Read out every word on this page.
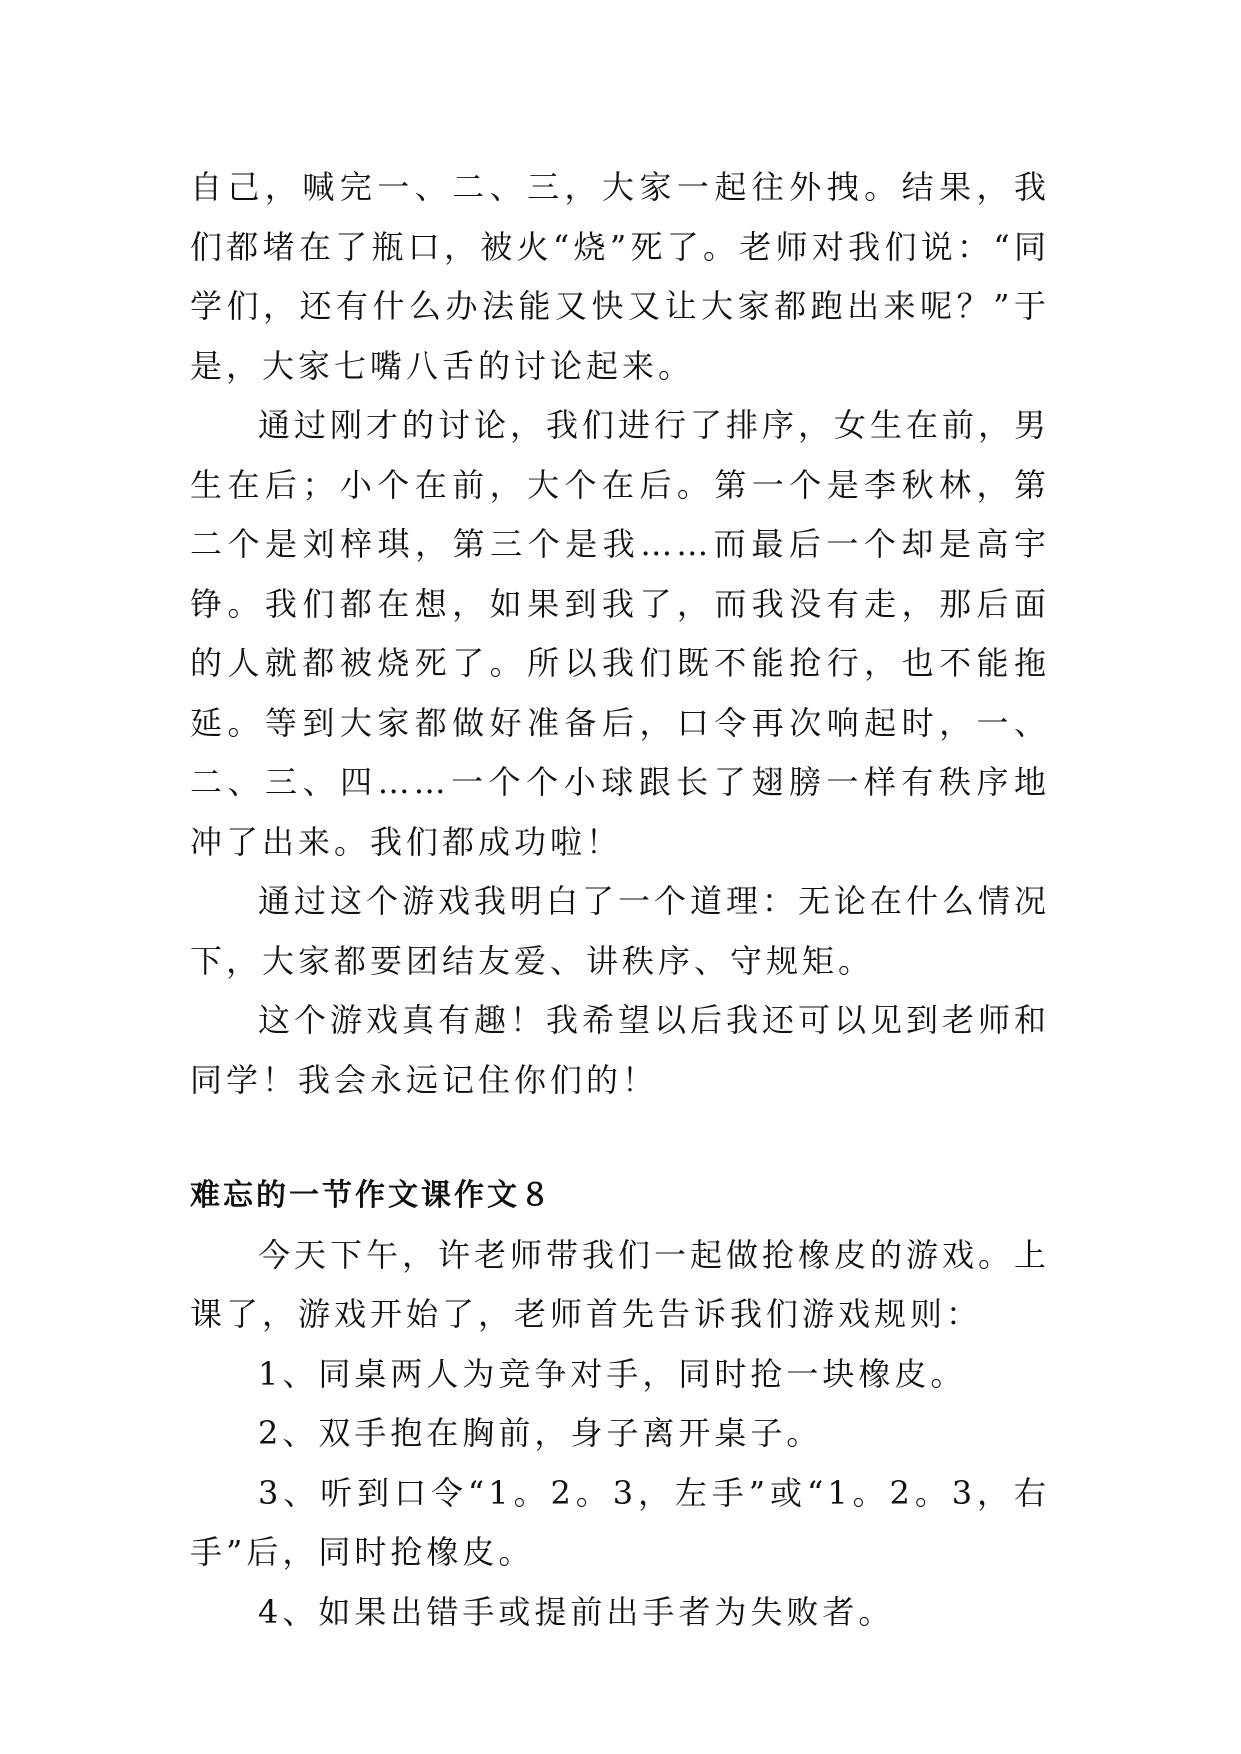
自己，喊完一、二、三，大家一起往外拽。结果，我们都堵在了瓶口，被火“烧”死了。老师对我们说：“同学们，还有什么办法能又快又让大家都跑出来呢？”于是，大家七嘴八舌的讨论起来。

通过刚才的讨论，我们进行了排序，女生在前，男生在后；小个在前，大个在后。第一个是李秋林，第二个是刘梓琪，第三个是我……而最后一个却是高宇铮。我们都在想，如果到我了，而我没有走，那后面的人就都被烧死了。所以我们既不能抢行，也不能拖延。等到大家都做好准备后，口令再次响起时，一、二、三、四……一个个小球跟长了翅膀一样有秩序地冲了出来。我们都成功啦！

通过这个游戏我明白了一个道理：无论在什么情况下，大家都要团结友爱、讲秩序、守规矩。

这个游戏真有趣！我希望以后我还可以见到老师和同学！我会永远记住你们的！

难忘的一节作文课作文８

今天下午，许老师带我们一起做抢橡皮的游戏。上课了，游戏开始了，老师首先告诉我们游戏规则：

1、同桌两人为竞争对手，同时抢一块橡皮。

2、双手抱在胸前，身子离开桌子。

3、听到口令“1。2。3，左手”或“1。2。3，右手”后，同时抢橡皮。

4、如果出错手或提前出手者为失败者。
